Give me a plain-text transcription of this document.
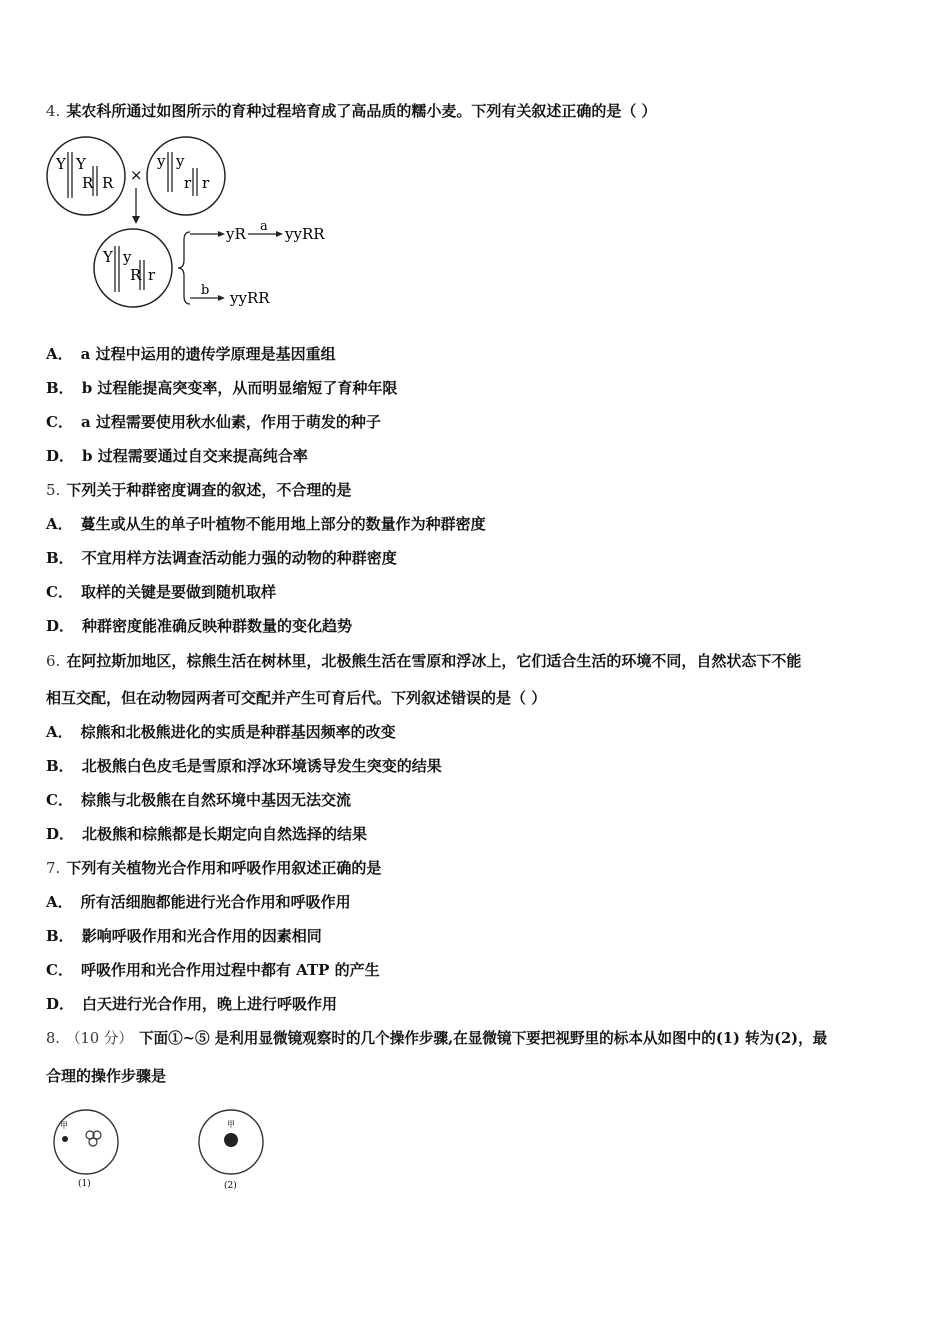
4. 某农科所通过如图所示的育种过程培育成了高品质的糯小麦。下列有关叙述正确的是（ ）
Y Y
R R ×
y y
r r
Y y
R r
yR a yyRR
b yyRR
A． a 过程中运用的遗传学原理是基因重组
B． b 过程能提高突变率，从而明显缩短了育种年限
C． a 过程需要使用秋水仙素，作用于萌发的种子
D． b 过程需要通过自交来提高纯合率
5. 下列关于种群密度调查的叙述，不合理的是
A． 蔓生或从生的单子叶植物不能用地上部分的数量作为种群密度
B． 不宜用样方法调查活动能力强的动物的种群密度
C． 取样的关键是要做到随机取样
D． 种群密度能准确反映种群数量的变化趋势
6. 在阿拉斯加地区，棕熊生活在树林里，北极熊生活在雪原和浮冰上，它们适合生活的环境不同，自然状态下不能
相互交配，但在动物园两者可交配并产生可育后代。下列叙述错误的是（ ）
A． 棕熊和北极熊进化的实质是种群基因频率的改变
B． 北极熊白色皮毛是雪原和浮冰环境诱导发生突变的结果
C． 棕熊与北极熊在自然环境中基因无法交流
D． 北极熊和棕熊都是长期定向自然选择的结果
7. 下列有关植物光合作用和呼吸作用叙述正确的是
A． 所有活细胞都能进行光合作用和呼吸作用
B． 影响呼吸作用和光合作用的因素相同
C． 呼吸作用和光合作用过程中都有 ATP 的产生
D． 白天进行光合作用，晚上进行呼吸作用
8. （10 分） 下面①~⑤ 是利用显微镜观察时的几个操作步骤,在显微镜下要把视野里的标本从如图中的(1) 转为(2)，最
合理的操作步骤是
甲
(1)
甲
(2)
